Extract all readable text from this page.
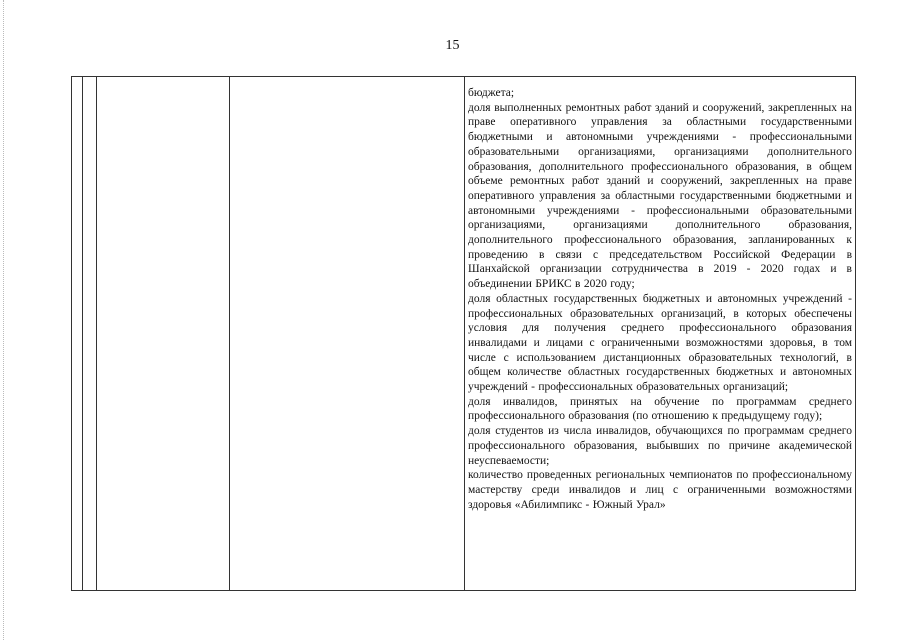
15

бюджета;

доля выполненных ремонтных работ зданий и сооружений, закрепленных на праве оперативного управления за областными государственными бюджетными и автономными учреждениями - профессиональными образовательными организациями, организациями дополнительного образования, дополнительного профессионального образования, в общем объеме ремонтных работ зданий и сооружений, закрепленных на праве оперативного управления за областными государственными бюджетными и автономными учреждениями - профессиональными образовательными организациями, организациями дополнительного образования, дополнительного профессионального образования, запланированных к проведению в связи с председательством Российской Федерации в Шанхайской организации сотрудничества в 2019 - 2020 годах и в объединении БРИКС в 2020 году;

доля областных государственных бюджетных и автономных учреждений - профессиональных образовательных организаций, в которых обеспечены условия для получения среднего профессионального образования инвалидами и лицами с ограниченными возможностями здоровья, в том числе с использованием дистанционных образовательных технологий, в общем количестве областных государственных бюджетных и автономных учреждений - профессиональных образовательных организаций;

доля инвалидов, принятых на обучение по программам среднего профессионального образования (по отношению к предыдущему году);

доля студентов из числа инвалидов, обучающихся по программам среднего профессионального образования, выбывших по причине академической неуспеваемости;

количество проведенных региональных чемпионатов по профессиональному мастерству среди инвалидов и лиц с ограниченными возможностями здоровья «Абилимпикс - Южный Урал»
